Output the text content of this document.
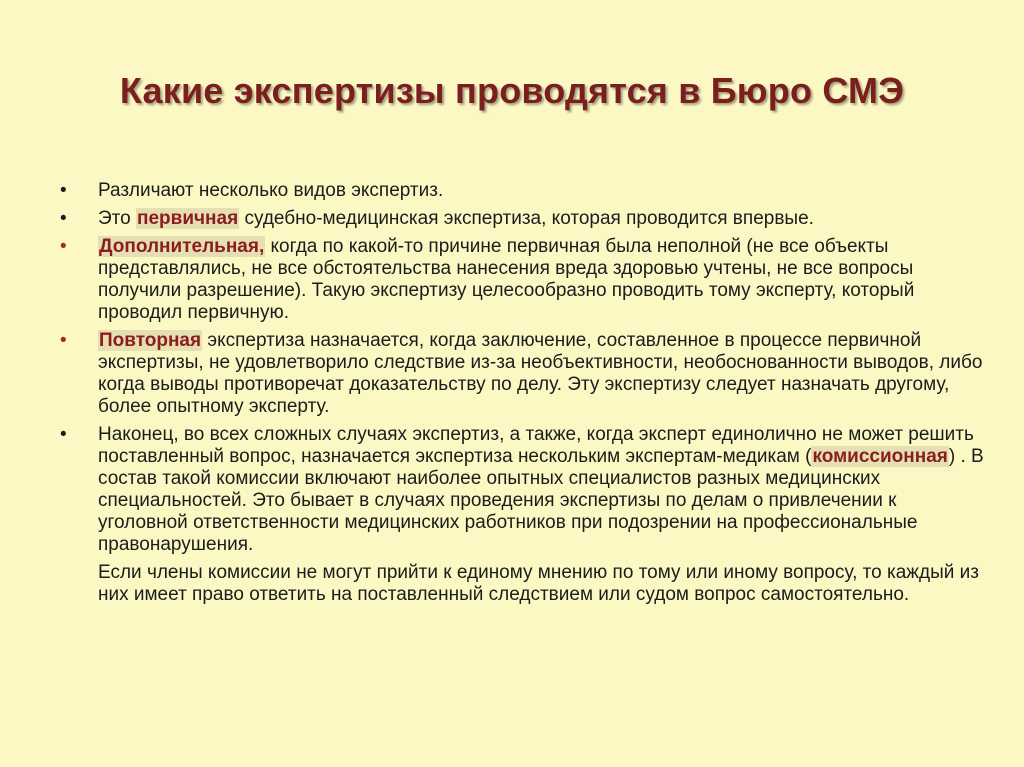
Какие экспертизы проводятся в Бюро СМЭ
•	Различают несколько видов экспертиз.
•	Это первичная судебно-медицинская экспертиза, которая проводится впервые.
•	Дополнительная, когда по какой-то причине первичная была неполной (не все объекты представлялись, не все обстоятельства нанесения вреда здоровью учтены, не все вопросы получили разрешение). Такую экспертизу целесообразно проводить тому эксперту, который проводил первичную.
•	Повторная экспертиза назначается, когда заключение, составленное в процессе первичной экспертизы, не удовлетворило следствие из-за необъективности, необоснованности выводов, либо когда выводы противоречат доказательству по делу. Эту экспертизу следует назначать другому, более опытному эксперту.
•	Наконец, во всех сложных случаях экспертиз, а также, когда эксперт единолично не может решить поставленный вопрос, назначается экспертиза нескольким экспертам-медикам (комиссионная) . В состав такой комиссии включают наиболее опытных специалистов разных медицинских специальностей. Это бывает в случаях проведения экспертизы по делам о привлечении к уголовной ответственности медицинских работников при подозрении на профессиональные правонарушения.
Если члены комиссии не могут прийти к единому мнению по тому или иному вопросу, то каждый из них имеет право ответить на поставленный следствием или судом вопрос самостоятельно.
